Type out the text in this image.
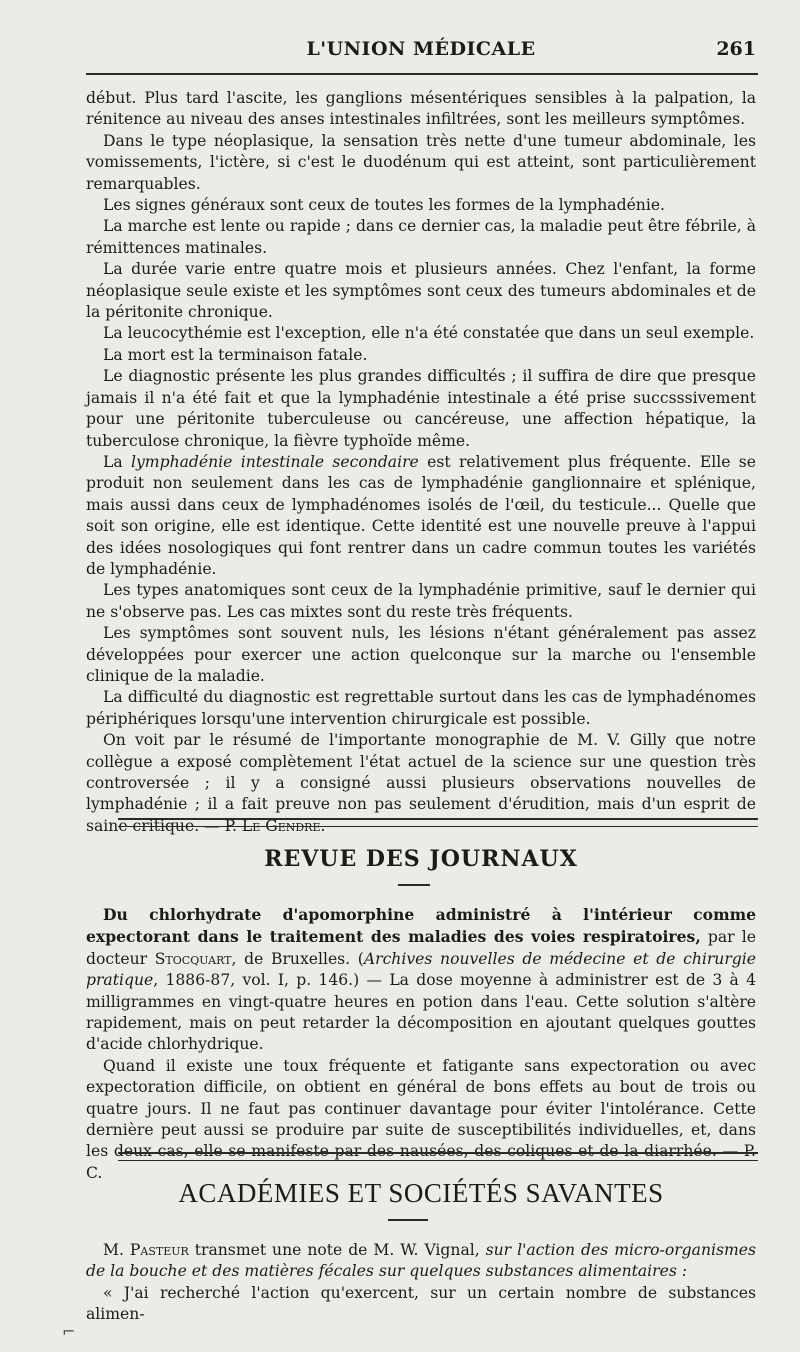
L'UNION MÉDICALE	261

début. Plus tard l'ascite, les ganglions mésentériques sensibles à la palpation, la rénitence au niveau des anses intestinales infiltrées, sont les meilleurs symptômes.

Dans le type néoplasique, la sensation très nette d'une tumeur abdominale, les vomissements, l'ictère, si c'est le duodénum qui est atteint, sont particulièrement remarquables.

Les signes généraux sont ceux de toutes les formes de la lymphadénie.

La marche est lente ou rapide ; dans ce dernier cas, la maladie peut être fébrile, à rémittences matinales.

La durée varie entre quatre mois et plusieurs années. Chez l'enfant, la forme néoplasique seule existe et les symptômes sont ceux des tumeurs abdominales et de la péritonite chronique.

La leucocythémie est l'exception, elle n'a été constatée que dans un seul exemple.

La mort est la terminaison fatale.

Le diagnostic présente les plus grandes difficultés ; il suffira de dire que presque jamais il n'a été fait et que la lymphadénie intestinale a été prise succsssivement pour une péritonite tuberculeuse ou cancéreuse, une affection hépatique, la tuberculose chronique, la fièvre typhoïde même.

La lymphadénie intestinale secondaire est relativement plus fréquente. Elle se produit non seulement dans les cas de lymphadénie ganglionnaire et splénique, mais aussi dans ceux de lymphadénomes isolés de l'œil, du testicule... Quelle que soit son origine, elle est identique. Cette identité est une nouvelle preuve à l'appui des idées nosologiques qui font rentrer dans un cadre commun toutes les variétés de lymphadénie.

Les types anatomiques sont ceux de la lymphadénie primitive, sauf le dernier qui ne s'observe pas. Les cas mixtes sont du reste très fréquents.

Les symptômes sont souvent nuls, les lésions n'étant généralement pas assez développées pour exercer une action quelconque sur la marche ou l'ensemble clinique de la maladie.

La difficulté du diagnostic est regrettable surtout dans les cas de lymphadénomes périphériques lorsqu'une intervention chirurgicale est possible.

On voit par le résumé de l'importante monographie de M. V. Gilly que notre collègue a exposé complètement l'état actuel de la science sur une question très controversée ; il y a consigné aussi plusieurs observations nouvelles de lymphadénie ; il a fait preuve non pas seulement d'érudition, mais d'un esprit de saine critique. — P. Le Gendre.

REVUE DES JOURNAUX

Du chlorhydrate d'apomorphine administré à l'intérieur comme expectorant dans le traitement des maladies des voies respiratoires, par le docteur Stocquart, de Bruxelles. (Archives nouvelles de médecine et de chirurgie pratique, 1886-87, vol. I, p. 146.) — La dose moyenne à administrer est de 3 à 4 milligrammes en vingt-quatre heures en potion dans l'eau. Cette solution s'altère rapidement, mais on peut retarder la décomposition en ajoutant quelques gouttes d'acide chlorhydrique.

Quand il existe une toux fréquente et fatigante sans expectoration ou avec expectoration difficile, on obtient en général de bons effets au bout de trois ou quatre jours. Il ne faut pas continuer davantage pour éviter l'intolérance. Cette dernière peut aussi se produire par suite de susceptibilités individuelles, et, dans les deux cas, elle se manifeste par des nausées, des coliques et de la diarrhée. — P. C.

ACADÉMIES ET SOCIÉTÉS SAVANTES

M. Pasteur transmet une note de M. W. Vignal, sur l'action des micro-organismes de la bouche et des matières fécales sur quelques substances alimentaires :

« J'ai recherché l'action qu'exercent, sur un certain nombre de substances alimen-

⌐
